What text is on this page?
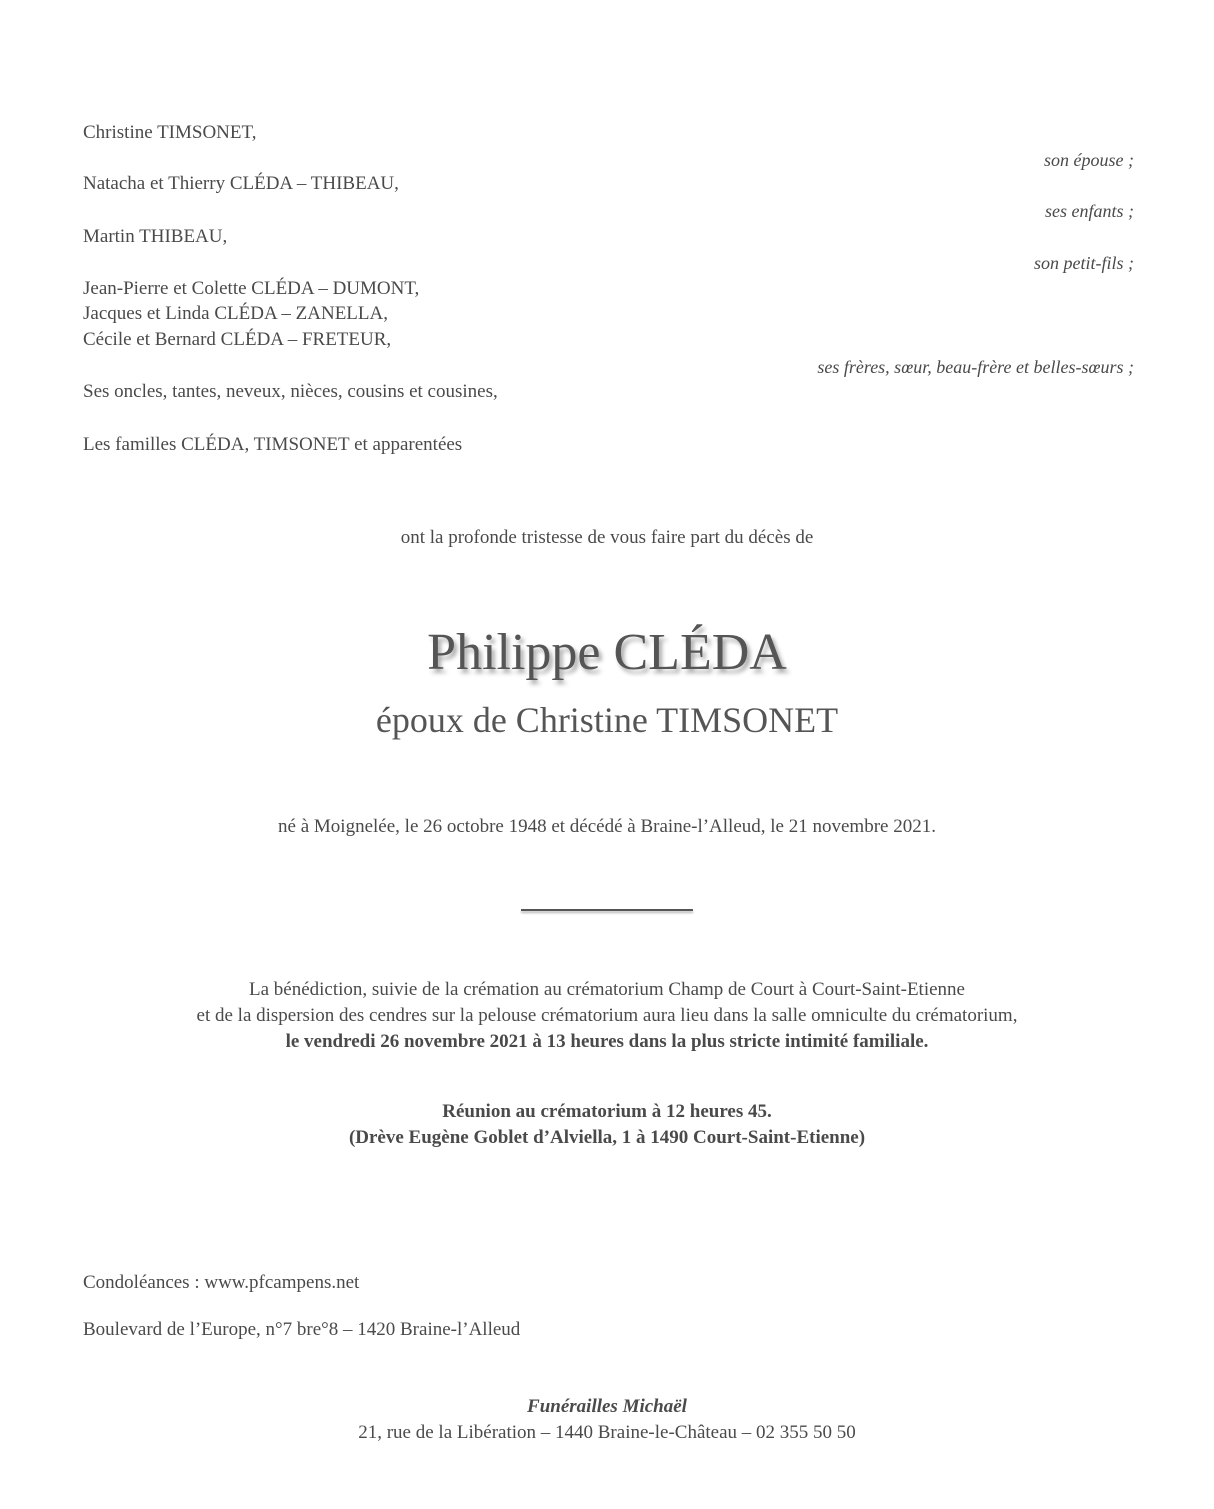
Christine TIMSONET,
son épouse ;
Natacha et Thierry CLÉDA – THIBEAU,
ses enfants ;
Martin THIBEAU,
son petit-fils ;
Jean-Pierre et Colette CLÉDA – DUMONT,
Jacques et Linda CLÉDA – ZANELLA,
Cécile et Bernard CLÉDA – FRETEUR,
ses frères, sœur, beau-frère et belles-sœurs ;
Ses oncles, tantes, neveux, nièces, cousins et cousines,
Les familles CLÉDA, TIMSONET et apparentées
ont la profonde tristesse de vous faire part du décès de
Philippe CLÉDA
époux de Christine TIMSONET
né à Moignelée, le 26 octobre 1948 et décédé à Braine-l’Alleud, le 21 novembre 2021.
La bénédiction, suivie de la crémation au crématorium Champ de Court à Court-Saint-Etienne
et de la dispersion des cendres sur la pelouse crématorium aura lieu dans la salle omniculte du crématorium,
le vendredi 26 novembre 2021 à 13 heures dans la plus stricte intimité familiale.
Réunion au crématorium à 12 heures 45.
(Drève Eugène Goblet d’Alviella, 1 à 1490 Court-Saint-Etienne)
Condoléances : www.pfcampens.net
Boulevard de l’Europe, n°7 bre°8 – 1420 Braine-l’Alleud
Funérailles Michaël
21, rue de la Libération – 1440 Braine-le-Château – 02 355 50 50
